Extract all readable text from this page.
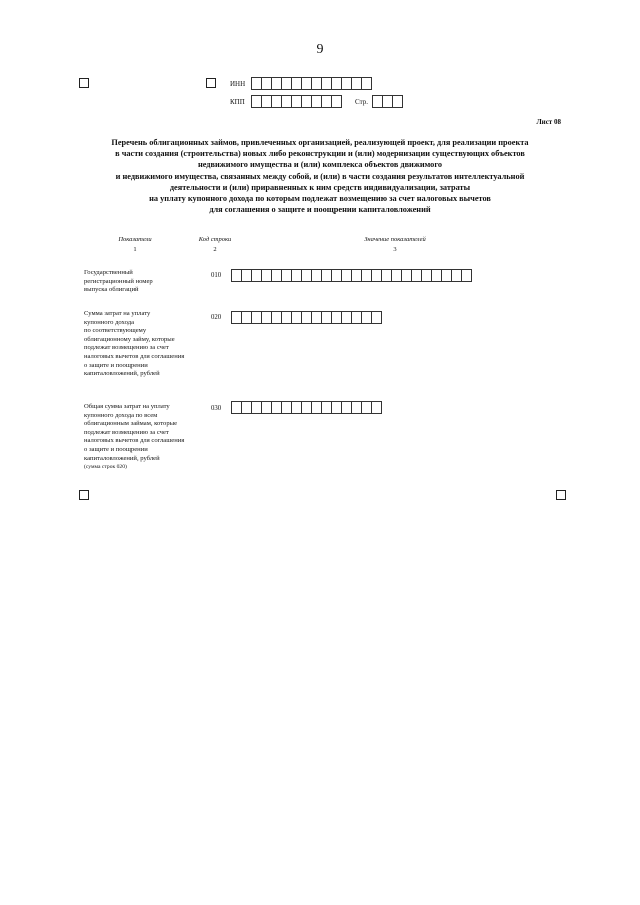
9
ИНН
КПП	Стр.
Лист 08
Перечень облигационных займов, привлеченных организацией, реализующей проект, для реализации проекта
в части создания (строительства) новых либо реконструкции и (или) модернизации существующих объектов
недвижимого имущества и (или) комплекса объектов движимого
и недвижимого имущества, связанных между собой, и (или) в части создания результатов интеллектуальной
деятельности и (или) приравненных к ним средств индивидуализации, затраты
на уплату купонного дохода по которым подлежат возмещению за счет налоговых вычетов
для соглашения о защите и поощрении капиталовложений
Показатели
1
Код строки
2
Значение показателей
3
Государственный
регистрационный номер
выпуска облигаций
010
Сумма затрат на уплату
купонного дохода
по соответствующему
облигационному займу, которые
подлежат возмещению за счет
налоговых вычетов для соглашения
о защите и поощрении
капиталовложений, рублей
020
Общая сумма затрат на уплату
купонного дохода по всем
облигационным займам, которые
подлежат возмещению за счет
налоговых вычетов для соглашения
о защите и поощрении
капиталовложений, рублей
(сумма строк 020)
030
